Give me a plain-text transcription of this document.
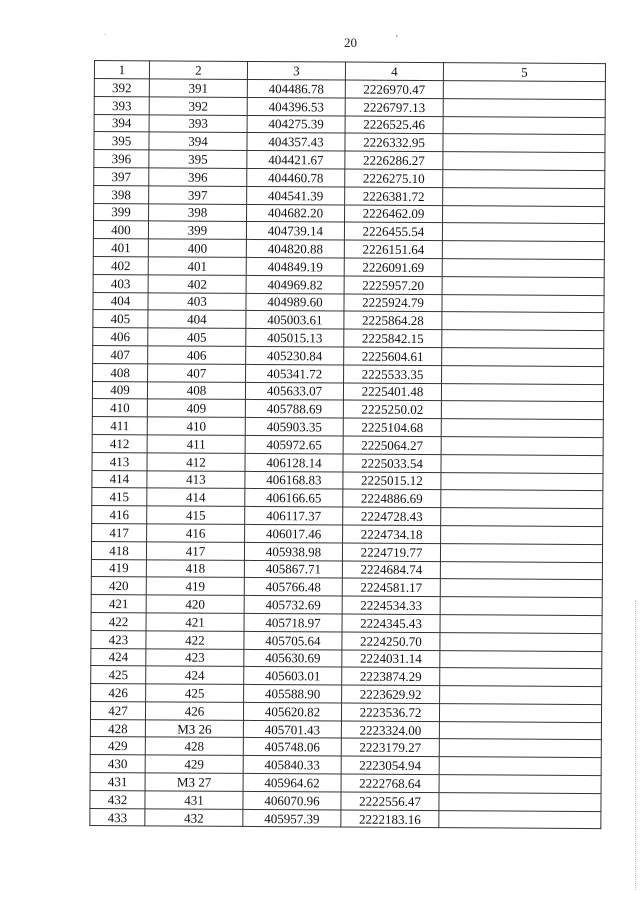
.
20	'
1	2	3	4	5
392	391	404486.78	2226970.47	
393	392	404396.53	2226797.13	
394	393	404275.39	2226525.46	
395	394	404357.43	2226332.95	
396	395	404421.67	2226286.27	
397	396	404460.78	2226275.10	
398	397	404541.39	2226381.72	
399	398	404682.20	2226462.09	
400	399	404739.14	2226455.54	
401	400	404820.88	2226151.64	
402	401	404849.19	2226091.69	
403	402	404969.82	2225957.20	
404	403	404989.60	2225924.79	
405	404	405003.61	2225864.28	
406	405	405015.13	2225842.15	
407	406	405230.84	2225604.61	
408	407	405341.72	2225533.35	
409	408	405633.07	2225401.48	
410	409	405788.69	2225250.02	
411	410	405903.35	2225104.68	
412	411	405972.65	2225064.27	
413	412	406128.14	2225033.54	
414	413	406168.83	2225015.12	
415	414	406166.65	2224886.69	
416	415	406117.37	2224728.43	
417	416	406017.46	2224734.18	
418	417	405938.98	2224719.77	
419	418	405867.71	2224684.74	
420	419	405766.48	2224581.17	
421	420	405732.69	2224534.33	
422	421	405718.97	2224345.43	
423	422	405705.64	2224250.70	
424	423	405630.69	2224031.14	
425	424	405603.01	2223874.29	
426	425	405588.90	2223629.92	
427	426	405620.82	2223536.72	
428	МЗ 26	405701.43	2223324.00	
429	428	405748.06	2223179.27	
430	429	405840.33	2223054.94	
431	МЗ 27	405964.62	2222768.64	
432	431	406070.96	2222556.47	
433	432	405957.39	2222183.16	
